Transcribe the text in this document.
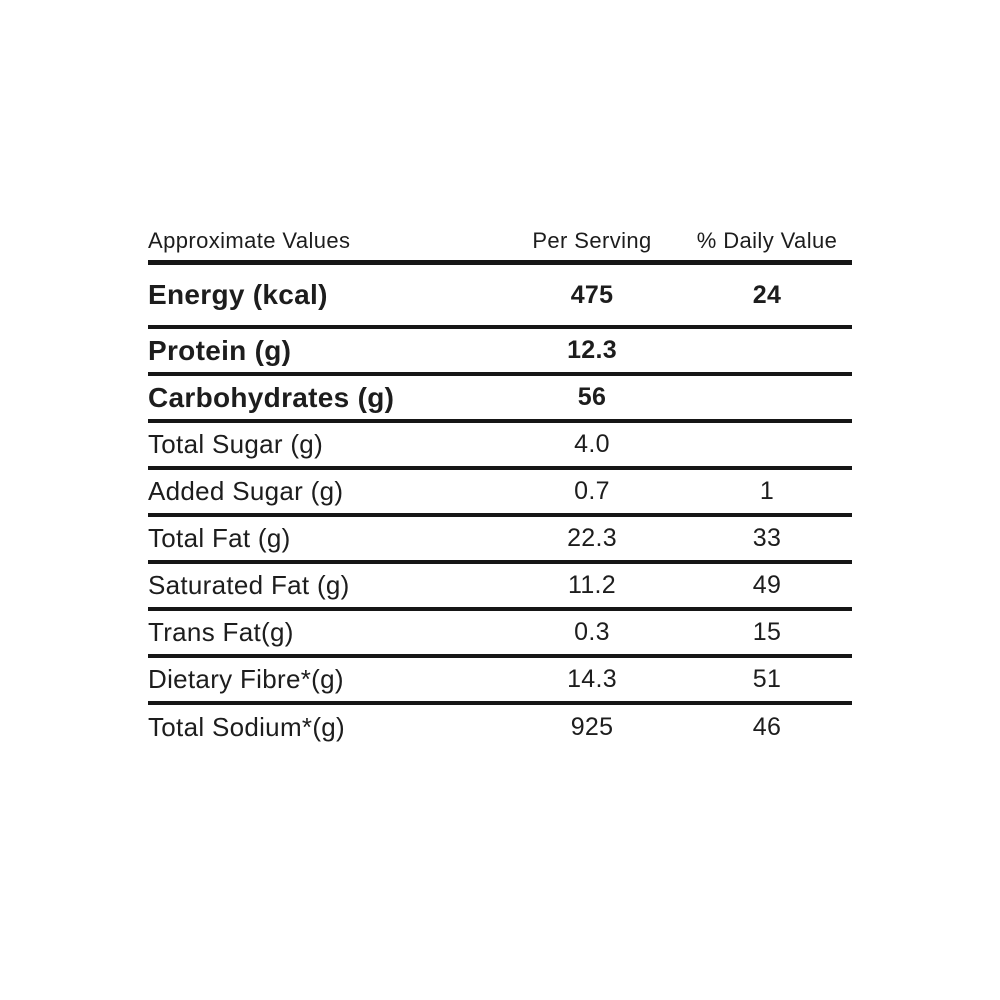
Approximate Values	Per Serving	% Daily Value
Energy (kcal)	475	24
Protein (g)	12.3
Carbohydrates (g)	56
Total Sugar (g)	4.0
Added Sugar (g)	0.7	1
Total Fat (g)	22.3	33
Saturated Fat (g)	11.2	49
Trans Fat(g)	0.3	15
Dietary Fibre*(g)	14.3	51
Total Sodium*(g)	925	46
